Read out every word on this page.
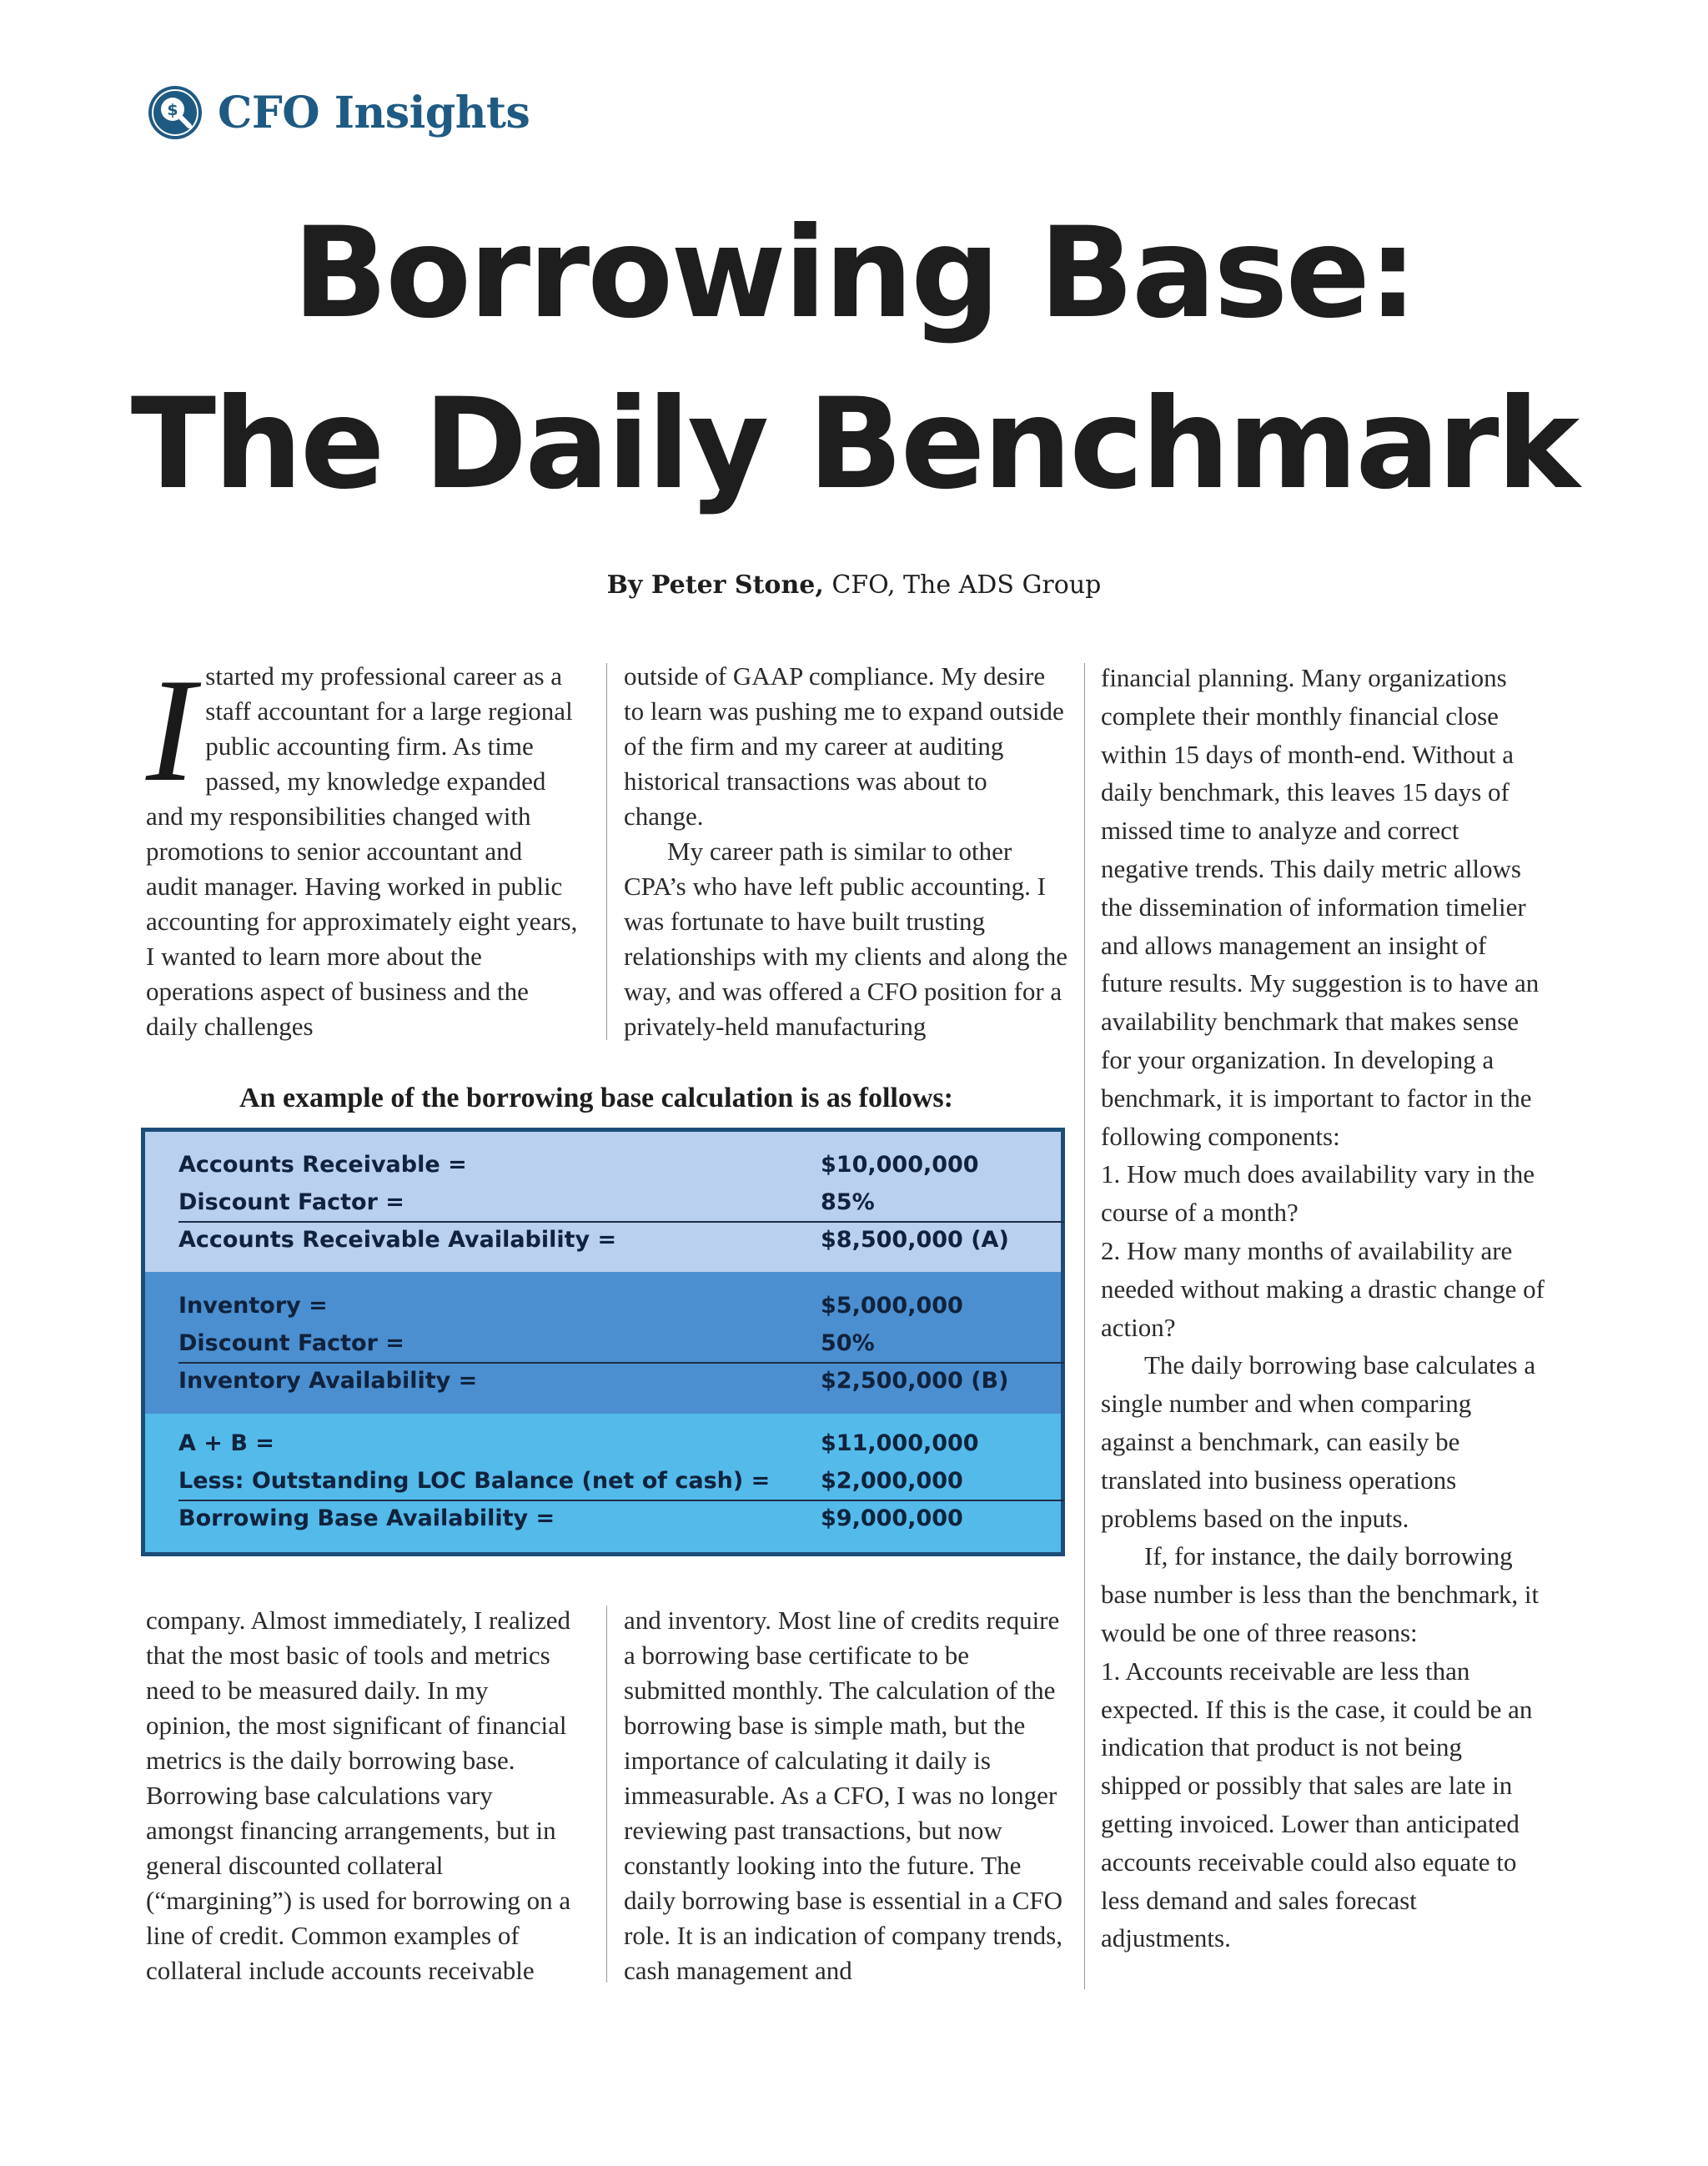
$ CFO Insights
Borrowing Base:
The Daily Benchmark
By Peter Stone, CFO, The ADS Group
I started my professional career as a staff accountant for a large regional public accounting firm. As time passed, my knowledge expanded and my responsibilities changed with promotions to senior accountant and audit manager. Having worked in public accounting for approximately eight years, I wanted to learn more about the operations aspect of business and the daily challenges

outside of GAAP compliance. My desire to learn was pushing me to expand outside of the firm and my career at auditing historical transactions was about to change.

My career path is similar to other CPA’s who have left public accounting. I was fortunate to have built trusting relationships with my clients and along the way, and was offered a CFO position for a privately-held manufacturing

An example of the borrowing base calculation is as follows:
Accounts Receivable =	$10,000,000
Discount Factor =	85%
Accounts Receivable Availability =	$8,500,000 (A)
Inventory =	$5,000,000
Discount Factor =	50%
Inventory Availability =	$2,500,000 (B)
A + B =	$11,000,000
Less: Outstanding LOC Balance (net of cash) = $2,000,000
Borrowing Base Availability =	$9,000,000

company. Almost immediately, I realized that the most basic of tools and metrics need to be measured daily. In my opinion, the most significant of financial metrics is the daily borrowing base. Borrowing base calculations vary amongst financing arrangements, but in general discounted collateral (“margining”) is used for borrowing on a line of credit. Common examples of collateral include accounts receivable

and inventory. Most line of credits require a borrowing base certificate to be submitted monthly. The calculation of the borrowing base is simple math, but the importance of calculating it daily is immeasurable. As a CFO, I was no longer reviewing past transactions, but now constantly looking into the future. The daily borrowing base is essential in a CFO role. It is an indication of company trends, cash management and

financial planning. Many organizations complete their monthly financial close within 15 days of month-end. Without a daily benchmark, this leaves 15 days of missed time to analyze and correct negative trends. This daily metric allows the dissemination of information timelier and allows management an insight of future results. My suggestion is to have an availability benchmark that makes sense for your organization. In developing a benchmark, it is important to factor in the following components:

1. How much does availability vary in the course of a month?

2. How many months of availability are needed without making a drastic change of action?

The daily borrowing base calculates a single number and when comparing against a benchmark, can easily be translated into business operations problems based on the inputs.

If, for instance, the daily borrowing base number is less than the benchmark, it would be one of three reasons:

1. Accounts receivable are less than expected. If this is the case, it could be an indication that product is not being shipped or possibly that sales are late in getting invoiced. Lower than anticipated accounts receivable could also equate to less demand and sales forecast adjustments.
